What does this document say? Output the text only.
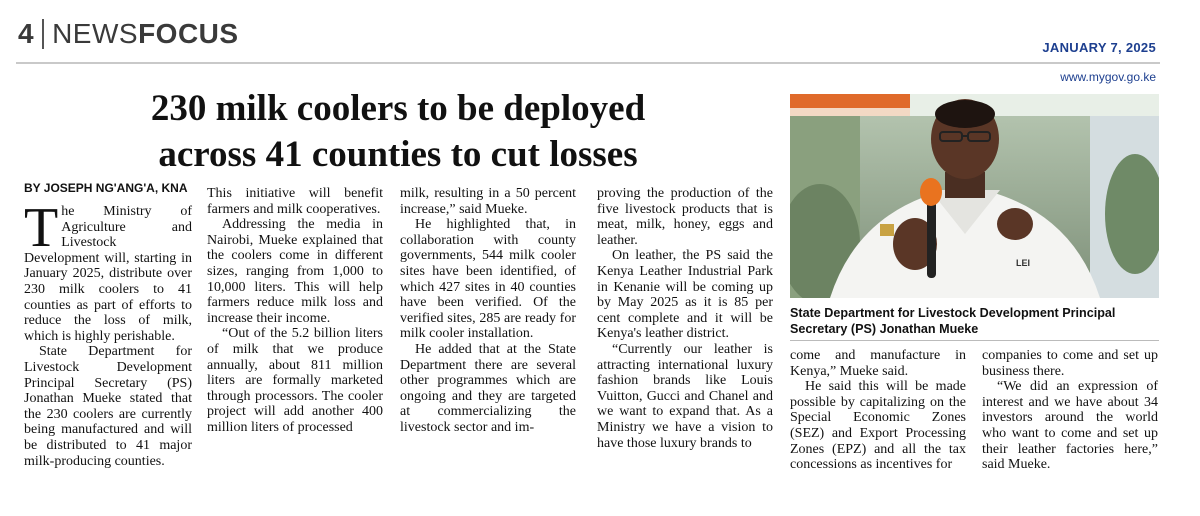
4 NEWS FOCUS	JANUARY 7, 2025
www.mygov.go.ke
230 milk coolers to be deployed
across 41 counties to cut losses
BY JOSEPH NG'ANG'A, KNA

The Ministry of Agriculture and Livestock Development will, starting in January 2025, distribute over 230 milk coolers to 41 counties as part of efforts to reduce the loss of milk, which is highly perishable.

State Department for Livestock Development Principal Secretary (PS) Jonathan Mueke stated that the 230 coolers are currently being manufactured and will be distributed to 41 major milk-producing counties.

This initiative will benefit farmers and milk cooperatives.

Addressing the media in Nairobi, Mueke explained that the coolers come in different sizes, ranging from 1,000 to 10,000 liters. This will help farmers reduce milk loss and increase their income.

“Out of the 5.2 billion liters of milk that we produce annually, about 811 million liters are formally marketed through processors. The cooler project will add another 400 million liters of processed

milk, resulting in a 50 percent increase,” said Mueke.

He highlighted that, in collaboration with county governments, 544 milk cooler sites have been identified, of which 427 sites in 40 counties have been verified. Of the verified sites, 285 are ready for milk cooler installation.

He added that at the State Department there are several other programmes which are ongoing and they are targeted at commercializing the livestock sector and im-

proving the production of the five livestock products that is meat, milk, honey, eggs and leather.

On leather, the PS said the Kenya Leather Industrial Park in Kenanie will be coming up by May 2025 as it is 85 per cent complete and it will be Kenya's leather district.

“Currently our leather is attracting international luxury fashion brands like Louis Vuitton, Gucci and Chanel and we want to expand that. As a Ministry we have a vision to have those luxury brands to

LEI
State Department for Livestock Development Principal Secretary (PS) Jonathan Mueke

come and manufacture in Kenya,” Mueke said.

He said this will be made possible by capitalizing on the Special Economic Zones (SEZ) and Export Processing Zones (EPZ) and all the tax concessions as incentives for

companies to come and set up business there.

“We did an expression of interest and we have about 34 investors around the world who want to come and set up their leather factories here,” said Mueke.
